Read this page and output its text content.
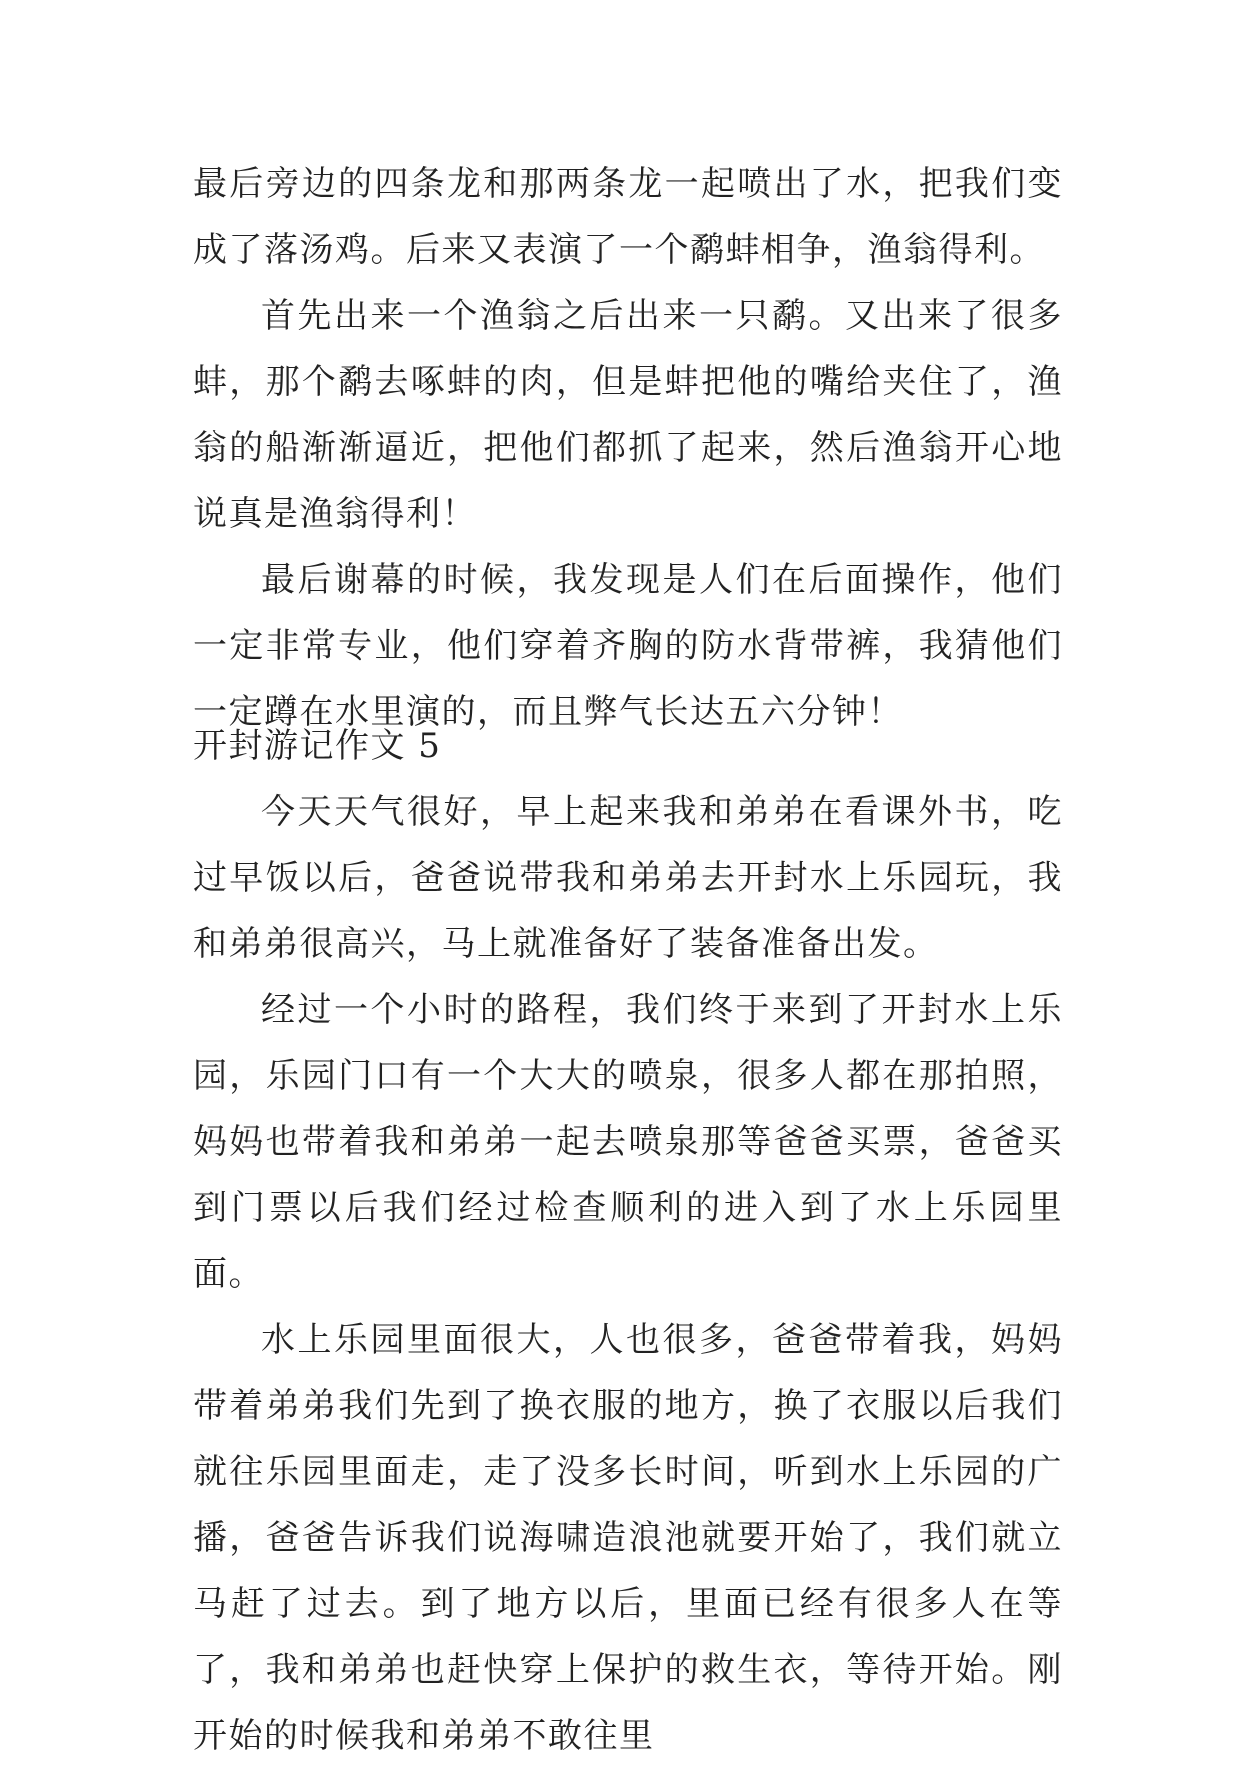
最后旁边的四条龙和那两条龙一起喷出了水，把我们变成了落汤鸡。后来又表演了一个鹬蚌相争，渔翁得利。

首先出来一个渔翁之后出来一只鹬。又出来了很多蚌，那个鹬去啄蚌的肉，但是蚌把他的嘴给夹住了，渔翁的船渐渐逼近，把他们都抓了起来，然后渔翁开心地说真是渔翁得利！

最后谢幕的时候，我发现是人们在后面操作，他们一定非常专业，他们穿着齐胸的防水背带裤，我猜他们一定蹲在水里演的，而且弊气长达五六分钟！

开封游记作文 5

今天天气很好，早上起来我和弟弟在看课外书，吃过早饭以后，爸爸说带我和弟弟去开封水上乐园玩，我和弟弟很高兴，马上就准备好了装备准备出发。

经过一个小时的路程，我们终于来到了开封水上乐园，乐园门口有一个大大的喷泉，很多人都在那拍照，妈妈也带着我和弟弟一起去喷泉那等爸爸买票，爸爸买到门票以后我们经过检查顺利的进入到了水上乐园里面。

水上乐园里面很大，人也很多，爸爸带着我，妈妈带着弟弟我们先到了换衣服的地方，换了衣服以后我们就往乐园里面走，走了没多长时间，听到水上乐园的广播，爸爸告诉我们说海啸造浪池就要开始了，我们就立马赶了过去。到了地方以后，里面已经有很多人在等了，我和弟弟也赶快穿上保护的救生衣，等待开始。刚开始的时候我和弟弟不敢往里
